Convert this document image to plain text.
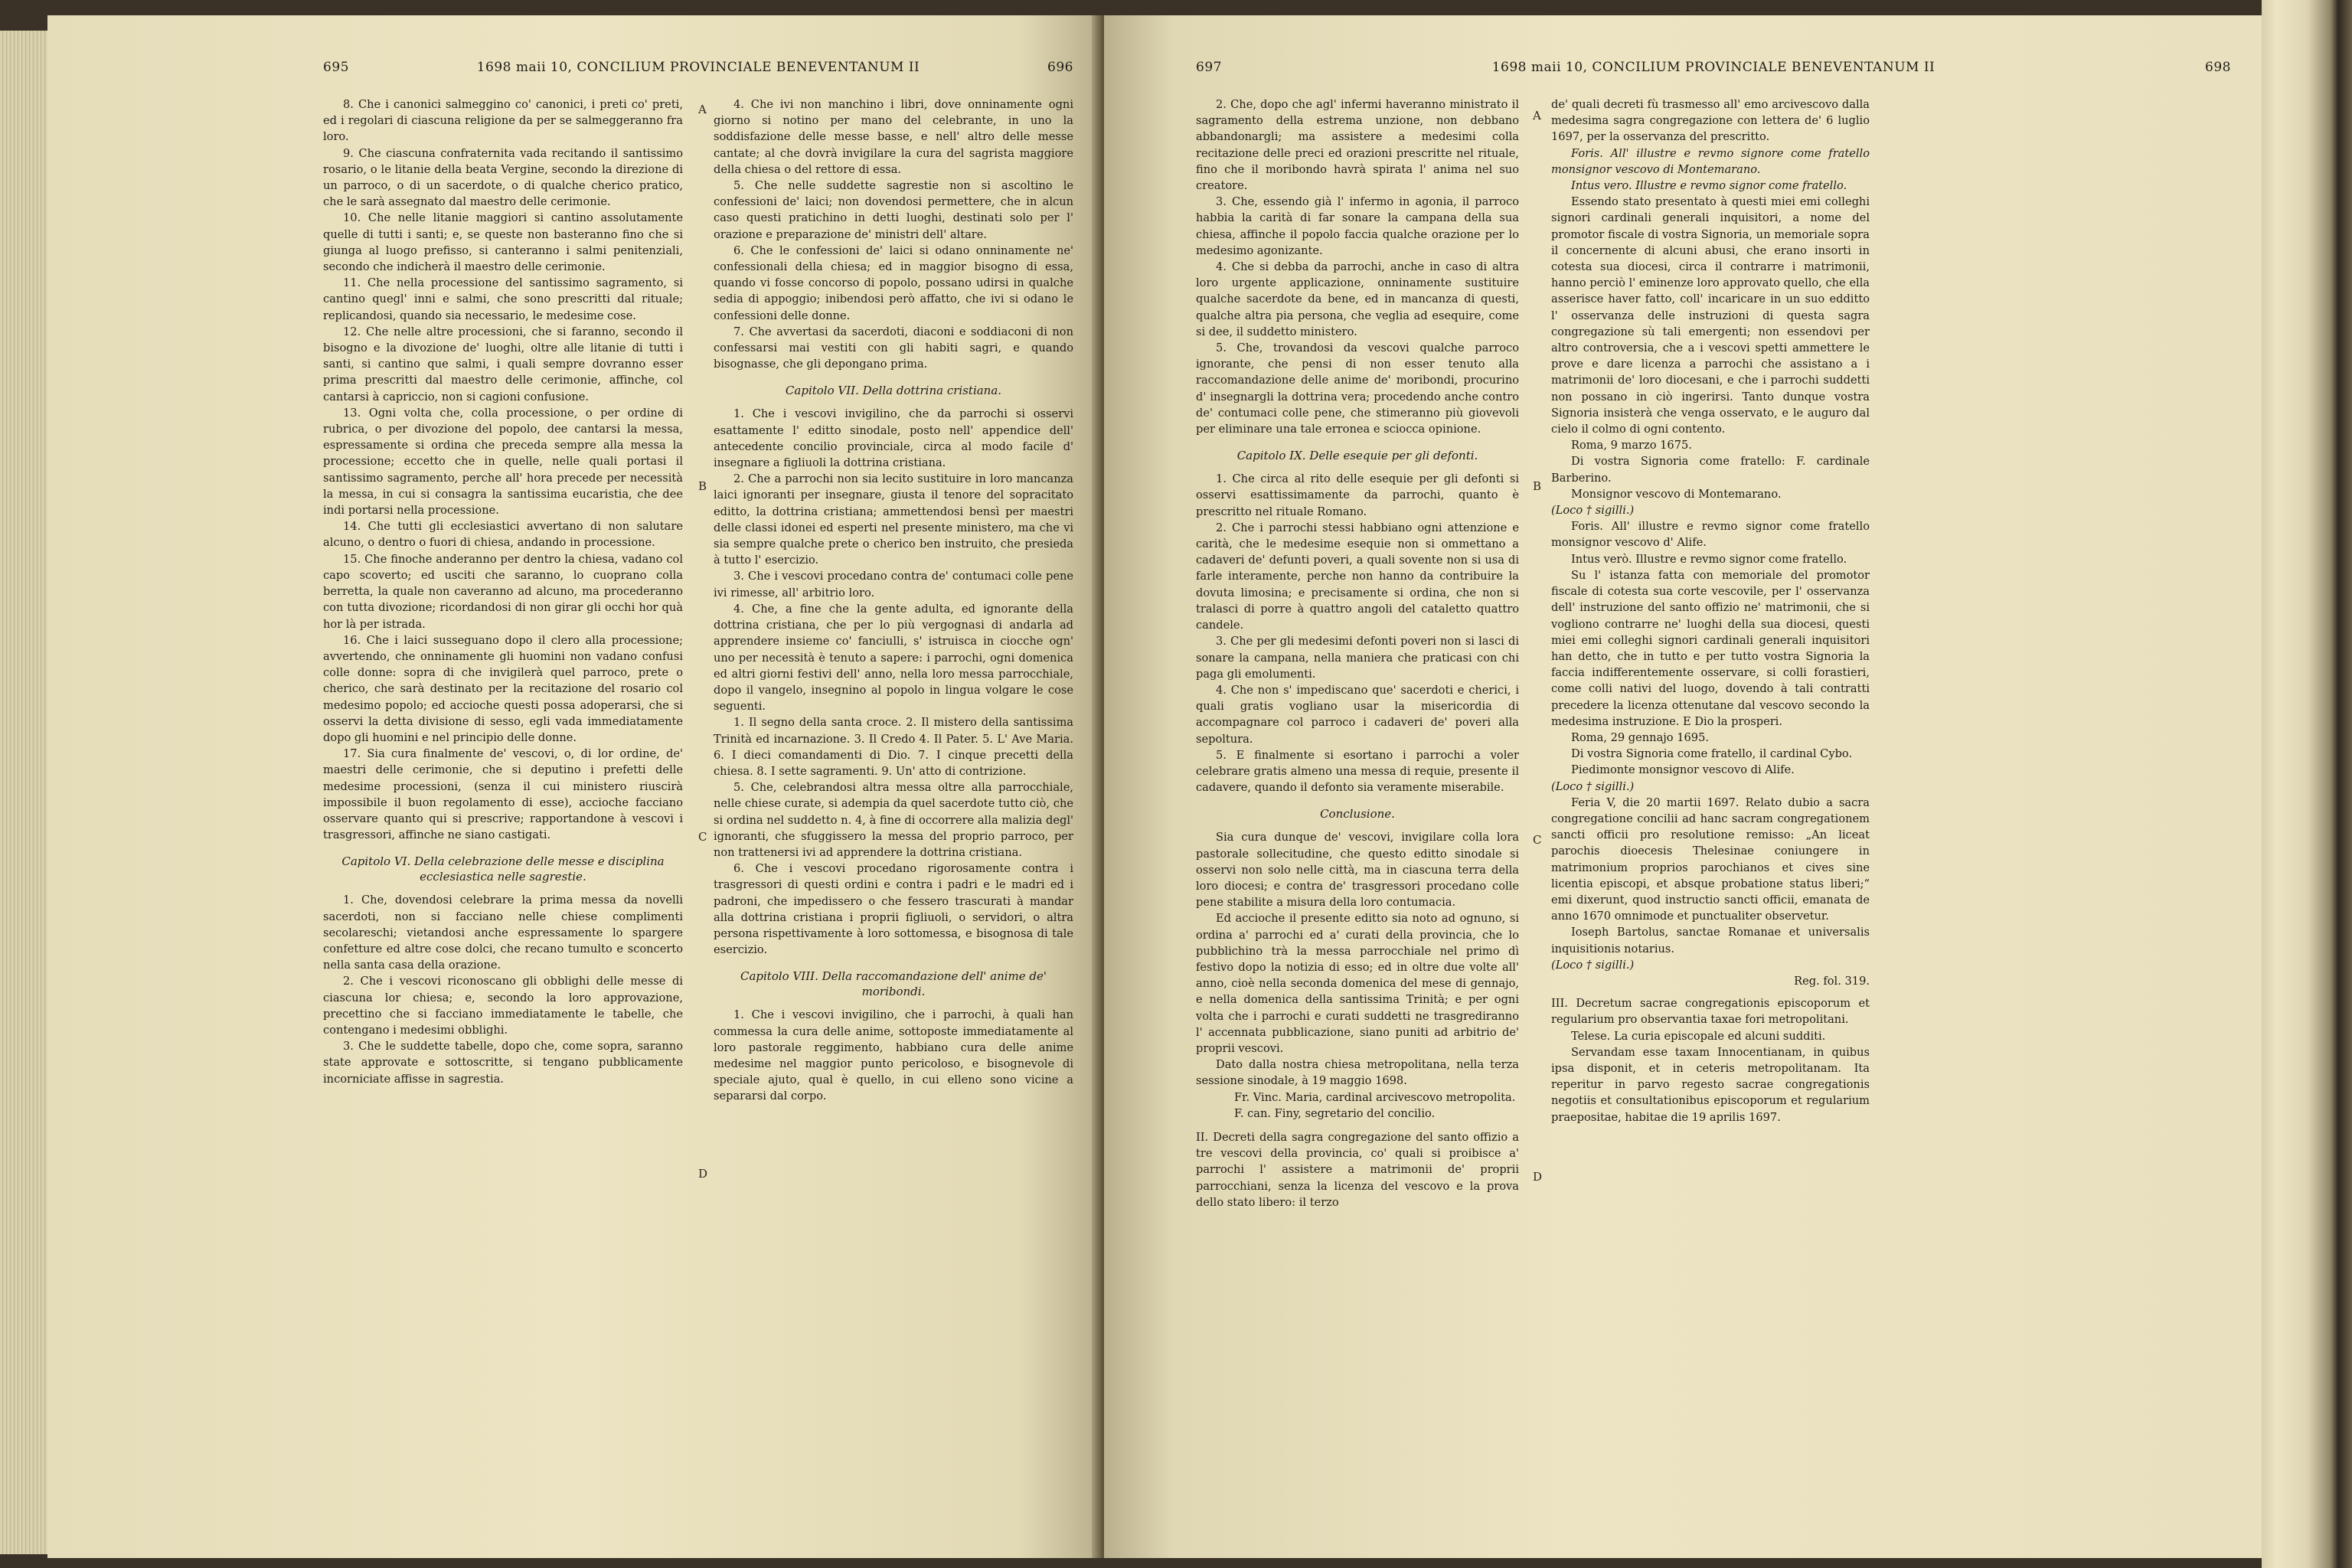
695	1698 maii 10, CONCILIUM PROVINCIALE BENEVENTANUM II	696

8. Che i canonici salmeggino co' canonici, i preti co' preti, ed i regolari di ciascuna religione da per se salmeggeranno fra loro.

9. Che ciascuna confraternita vada recitando il santissimo rosario, o le litanie della beata Vergine, secondo la direzione di un parroco, o di un sacerdote, o di qualche cherico pratico, che le sarà assegnato dal maestro delle cerimonie.

10. Che nelle litanie maggiori si cantino assolutamente quelle di tutti i santi; e, se queste non basteranno fino che si giunga al luogo prefisso, si canteranno i salmi penitenziali, secondo che indicherà il maestro delle cerimonie.

11. Che nella processione del santissimo sagramento, si cantino quegl' inni e salmi, che sono prescritti dal rituale; replicandosi, quando sia necessario, le medesime cose.

12. Che nelle altre processioni, che si faranno, secondo il bisogno e la divozione de' luoghi, oltre alle litanie di tutti i santi, si cantino que salmi, i quali sempre dovranno esser prima prescritti dal maestro delle cerimonie, affinche, col cantarsi à capriccio, non si cagioni confusione.

13. Ogni volta che, colla processione, o per ordine di rubrica, o per divozione del popolo, dee cantarsi la messa, espressamente si ordina che preceda sempre alla messa la processione; eccetto che in quelle, nelle quali portasi il santissimo sagramento, perche all' hora precede per necessità la messa, in cui si consagra la santissima eucaristia, che dee indi portarsi nella processione.

14. Che tutti gli ecclesiastici avvertano di non salutare alcuno, o dentro o fuori di chiesa, andando in processione.

15. Che finoche anderanno per dentro la chiesa, vadano col capo scoverto; ed usciti che saranno, lo cuoprano colla berretta, la quale non caveranno ad alcuno, ma procederanno con tutta divozione; ricordandosi di non girar gli occhi hor quà hor là per istrada.

16. Che i laici susseguano dopo il clero alla processione; avvertendo, che onninamente gli huomini non vadano confusi colle donne: sopra di che invigilerà quel parroco, prete o cherico, che sarà destinato per la recitazione del rosario col medesimo popolo; ed accioche questi possa adoperarsi, che si osservi la detta divisione di sesso, egli vada immediatamente dopo gli huomini e nel principio delle donne.

17. Sia cura finalmente de' vescovi, o, di lor ordine, de' maestri delle cerimonie, che si deputino i prefetti delle medesime processioni, (senza il cui ministero riuscirà impossibile il buon regolamento di esse), accioche facciano osservare quanto qui si prescrive; rapportandone à vescovi i trasgressori, affinche ne siano castigati.

Capitolo VI. Della celebrazione delle messe e disciplina ecclesiastica nelle sagrestie.

1. Che, dovendosi celebrare la prima messa da novelli sacerdoti, non si facciano nelle chiese complimenti secolareschi; vietandosi anche espressamente lo spargere confetture ed altre cose dolci, che recano tumulto e sconcerto nella santa casa della orazione.

2. Che i vescovi riconoscano gli obblighi delle messe di ciascuna lor chiesa; e, secondo la loro approvazione, precettino che si facciano immediatamente le tabelle, che contengano i medesimi obblighi.

3. Che le suddette tabelle, dopo che, come sopra, saranno state approvate e sottoscritte, si tengano pubblicamente incorniciate affisse in sagrestia.

4. Che ivi non manchino i libri, dove onninamente ogni giorno si notino per mano del celebrante, in uno la soddisfazione delle messe basse, e nell' altro delle messe cantate; al che dovrà invigilare la cura del sagrista maggiore della chiesa o del rettore di essa.

5. Che nelle suddette sagrestie non si ascoltino le confessioni de' laici; non dovendosi permettere, che in alcun caso questi pratichino in detti luoghi, destinati solo per l' orazione e preparazione de' ministri dell' altare.

6. Che le confessioni de' laici si odano onninamente ne' confessionali della chiesa; ed in maggior bisogno di essa, quando vi fosse concorso di popolo, possano udirsi in qualche sedia di appoggio; inibendosi però affatto, che ivi si odano le confessioni delle donne.

7. Che avvertasi da sacerdoti, diaconi e soddiaconi di non confessarsi mai vestiti con gli habiti sagri, e quando bisognasse, che gli depongano prima.

Capitolo VII. Della dottrina cristiana.

1. Che i vescovi invigilino, che da parrochi si osservi esattamente l' editto sinodale, posto nell' appendice dell' antecedente concilio provinciale, circa al modo facile d' insegnare a figliuoli la dottrina cristiana.

2. Che a parrochi non sia lecito sustituire in loro mancanza laici ignoranti per insegnare, giusta il tenore del sopracitato editto, la dottrina cristiana; ammettendosi bensì per maestri delle classi idonei ed esperti nel presente ministero, ma che vi sia sempre qualche prete o cherico ben instruito, che presieda à tutto l' esercizio.

3. Che i vescovi procedano contra de' contumaci colle pene ivi rimesse, all' arbitrio loro.

4. Che, a fine che la gente adulta, ed ignorante della dottrina cristiana, che per lo più vergognasi di andarla ad apprendere insieme co' fanciulli, s' istruisca in ciocche ogn' uno per necessità è tenuto a sapere: i parrochi, ogni domenica ed altri giorni festivi dell' anno, nella loro messa parrocchiale, dopo il vangelo, insegnino al popolo in lingua volgare le cose seguenti.

1. Il segno della santa croce. 2. Il mistero della santissima Trinità ed incarnazione. 3. Il Credo 4. Il Pater. 5. L' Ave Maria. 6. I dieci comandamenti di Dio. 7. I cinque precetti della chiesa. 8. I sette sagramenti. 9. Un' atto di contrizione.

5. Che, celebrandosi altra messa oltre alla parrocchiale, nelle chiese curate, si adempia da quel sacerdote tutto ciò, che si ordina nel suddetto n. 4, à fine di occorrere alla malizia degl' ignoranti, che sfuggissero la messa del proprio parroco, per non trattenersi ivi ad apprendere la dottrina cristiana.

6. Che i vescovi procedano rigorosamente contra i trasgressori di questi ordini e contra i padri e le madri ed i padroni, che impedissero o che fessero trascurati à mandar alla dottrina cristiana i proprii figliuoli, o servidori, o altra persona rispettivamente à loro sottomessa, e bisognosa di tale esercizio.

Capitolo VIII. Della raccomandazione dell' anime de' moribondi.

1. Che i vescovi invigilino, che i parrochi, à quali han commessa la cura delle anime, sottoposte immediatamente al loro pastorale reggimento, habbiano cura delle anime medesime nel maggior punto pericoloso, e bisognevole di speciale ajuto, qual è quello, in cui elleno sono vicine a separarsi dal corpo.

A
B
C
D
697	1698 maii 10, CONCILIUM PROVINCIALE BENEVENTANUM II	698

2. Che, dopo che agl' infermi haveranno ministrato il sagramento della estrema unzione, non debbano abbandonargli; ma assistere a medesimi colla recitazione delle preci ed orazioni prescritte nel rituale, fino che il moribondo havrà spirata l' anima nel suo creatore.

3. Che, essendo già l' infermo in agonia, il parroco habbia la carità di far sonare la campana della sua chiesa, affinche il popolo faccia qualche orazione per lo medesimo agonizante.

4. Che si debba da parrochi, anche in caso di altra loro urgente applicazione, onninamente sustituire qualche sacerdote da bene, ed in mancanza di questi, qualche altra pia persona, che veglia ad esequire, come si dee, il suddetto ministero.

5. Che, trovandosi da vescovi qualche parroco ignorante, che pensi di non esser tenuto alla raccomandazione delle anime de' moribondi, procurino d' insegnargli la dottrina vera; procedendo anche contro de' contumaci colle pene, che stimeranno più giovevoli per eliminare una tale erronea e sciocca opinione.

Capitolo IX. Delle esequie per gli defonti.

1. Che circa al rito delle esequie per gli defonti si osservi esattissimamente da parrochi, quanto è prescritto nel rituale Romano.

2. Che i parrochi stessi habbiano ogni attenzione e carità, che le medesime esequie non si ommettano a cadaveri de' defunti poveri, a quali sovente non si usa di farle interamente, perche non hanno da contribuire la dovuta limosina; e precisamente si ordina, che non si tralasci di porre à quattro angoli del cataletto quattro candele.

3. Che per gli medesimi defonti poveri non si lasci di sonare la campana, nella maniera che praticasi con chi paga gli emolumenti.

4. Che non s' impediscano que' sacerdoti e cherici, i quali gratis vogliano usar la misericordia di accompagnare col parroco i cadaveri de' poveri alla sepoltura.

5. E finalmente si esortano i parrochi a voler celebrare gratis almeno una messa di requie, presente il cadavere, quando il defonto sia veramente miserabile.

Conclusione.

Sia cura dunque de' vescovi, invigilare colla lora pastorale sollecitudine, che questo editto sinodale si osservi non solo nelle città, ma in ciascuna terra della loro diocesi; e contra de' trasgressori procedano colle pene stabilite a misura della loro contumacia.

Ed accioche il presente editto sia noto ad ognuno, si ordina a' parrochi ed a' curati della provincia, che lo pubblichino trà la messa parrocchiale nel primo dì festivo dopo la notizia di esso; ed in oltre due volte all' anno, cioè nella seconda domenica del mese di gennajo, e nella domenica della santissima Trinità; e per ogni volta che i parrochi e curati suddetti ne trasgrediranno l' accennata pubblicazione, siano puniti ad arbitrio de' proprii vescovi.

Dato dalla nostra chiesa metropolitana, nella terza sessione sinodale, à 19 maggio 1698.

Fr. Vinc. Maria, cardinal arcivescovo metropolita.

F. can. Finy, segretario del concilio.

II. Decreti della sagra congregazione del santo offizio a tre vescovi della provincia, co' quali si proibisce a' parrochi l' assistere a matrimonii de' proprii parrocchiani, senza la licenza del vescovo e la prova dello stato libero: il terzo

de' quali decreti fù trasmesso all' emo arcivescovo dalla medesima sagra congregazione con lettera de' 6 luglio 1697, per la osservanza del prescritto.

Foris. All' illustre e revmo signore come fratello monsignor vescovo di Montemarano.

Intus vero. Illustre e revmo signor come fratello.

Essendo stato presentato à questi miei emi colleghi signori cardinali generali inquisitori, a nome del promotor fiscale di vostra Signoria, un memoriale sopra il concernente di alcuni abusi, che erano insorti in cotesta sua diocesi, circa il contrarre i matrimonii, hanno perciò l' eminenze loro approvato quello, che ella asserisce haver fatto, coll' incaricare in un suo edditto l' osservanza delle instruzioni di questa sagra congregazione sù tali emergenti; non essendovi per altro controversia, che a i vescovi spetti ammettere le prove e dare licenza a parrochi che assistano a i matrimonii de' loro diocesani, e che i parrochi suddetti non possano in ciò ingerirsi. Tanto dunque vostra Signoria insisterà che venga osservato, e le auguro dal cielo il colmo di ogni contento.

Roma, 9 marzo 1675.

Di vostra Signoria come fratello: F. cardinale Barberino.

Monsignor vescovo di Montemarano.

(Loco † sigilli.)

Foris. All' illustre e revmo signor come fratello monsignor vescovo d' Alife.

Intus verò. Illustre e revmo signor come fratello.

Su l' istanza fatta con memoriale del promotor fiscale di cotesta sua corte vescovile, per l' osservanza dell' instruzione del santo offizio ne' matrimonii, che si vogliono contrarre ne' luoghi della sua diocesi, questi miei emi colleghi signori cardinali generali inquisitori han detto, che in tutto e per tutto vostra Signoria la faccia indifferentemente osservare, si colli forastieri, come colli nativi del luogo, dovendo à tali contratti precedere la licenza ottenutane dal vescovo secondo la medesima instruzione. E Dio la prosperi.

Roma, 29 gennajo 1695.

Di vostra Signoria come fratello, il cardinal Cybo.

Piedimonte monsignor vescovo di Alife.

(Loco † sigilli.)

Feria V, die 20 martii 1697. Relato dubio a sacra congregatione concilii ad hanc sacram congregationem sancti officii pro resolutione remisso: „An liceat parochis dioecesis Thelesinae coniungere in matrimonium proprios parochianos et cives sine licentia episcopi, et absque probatione status liberi;“ emi dixerunt, quod instructio sancti officii, emanata de anno 1670 omnimode et punctualiter observetur.

Ioseph Bartolus, sanctae Romanae et universalis inquisitionis notarius.

(Loco † sigilli.)

Reg. fol. 319.

III. Decretum sacrae congregationis episcoporum et regularium pro observantia taxae fori metropolitani.

Telese. La curia episcopale ed alcuni sudditi.

Servandam esse taxam Innocentianam, in quibus ipsa disponit, et in ceteris metropolitanam. Ita reperitur in parvo regesto sacrae congregationis negotiis et consultationibus episcoporum et regularium praepositae, habitae die 19 aprilis 1697.

A
B
C
D
